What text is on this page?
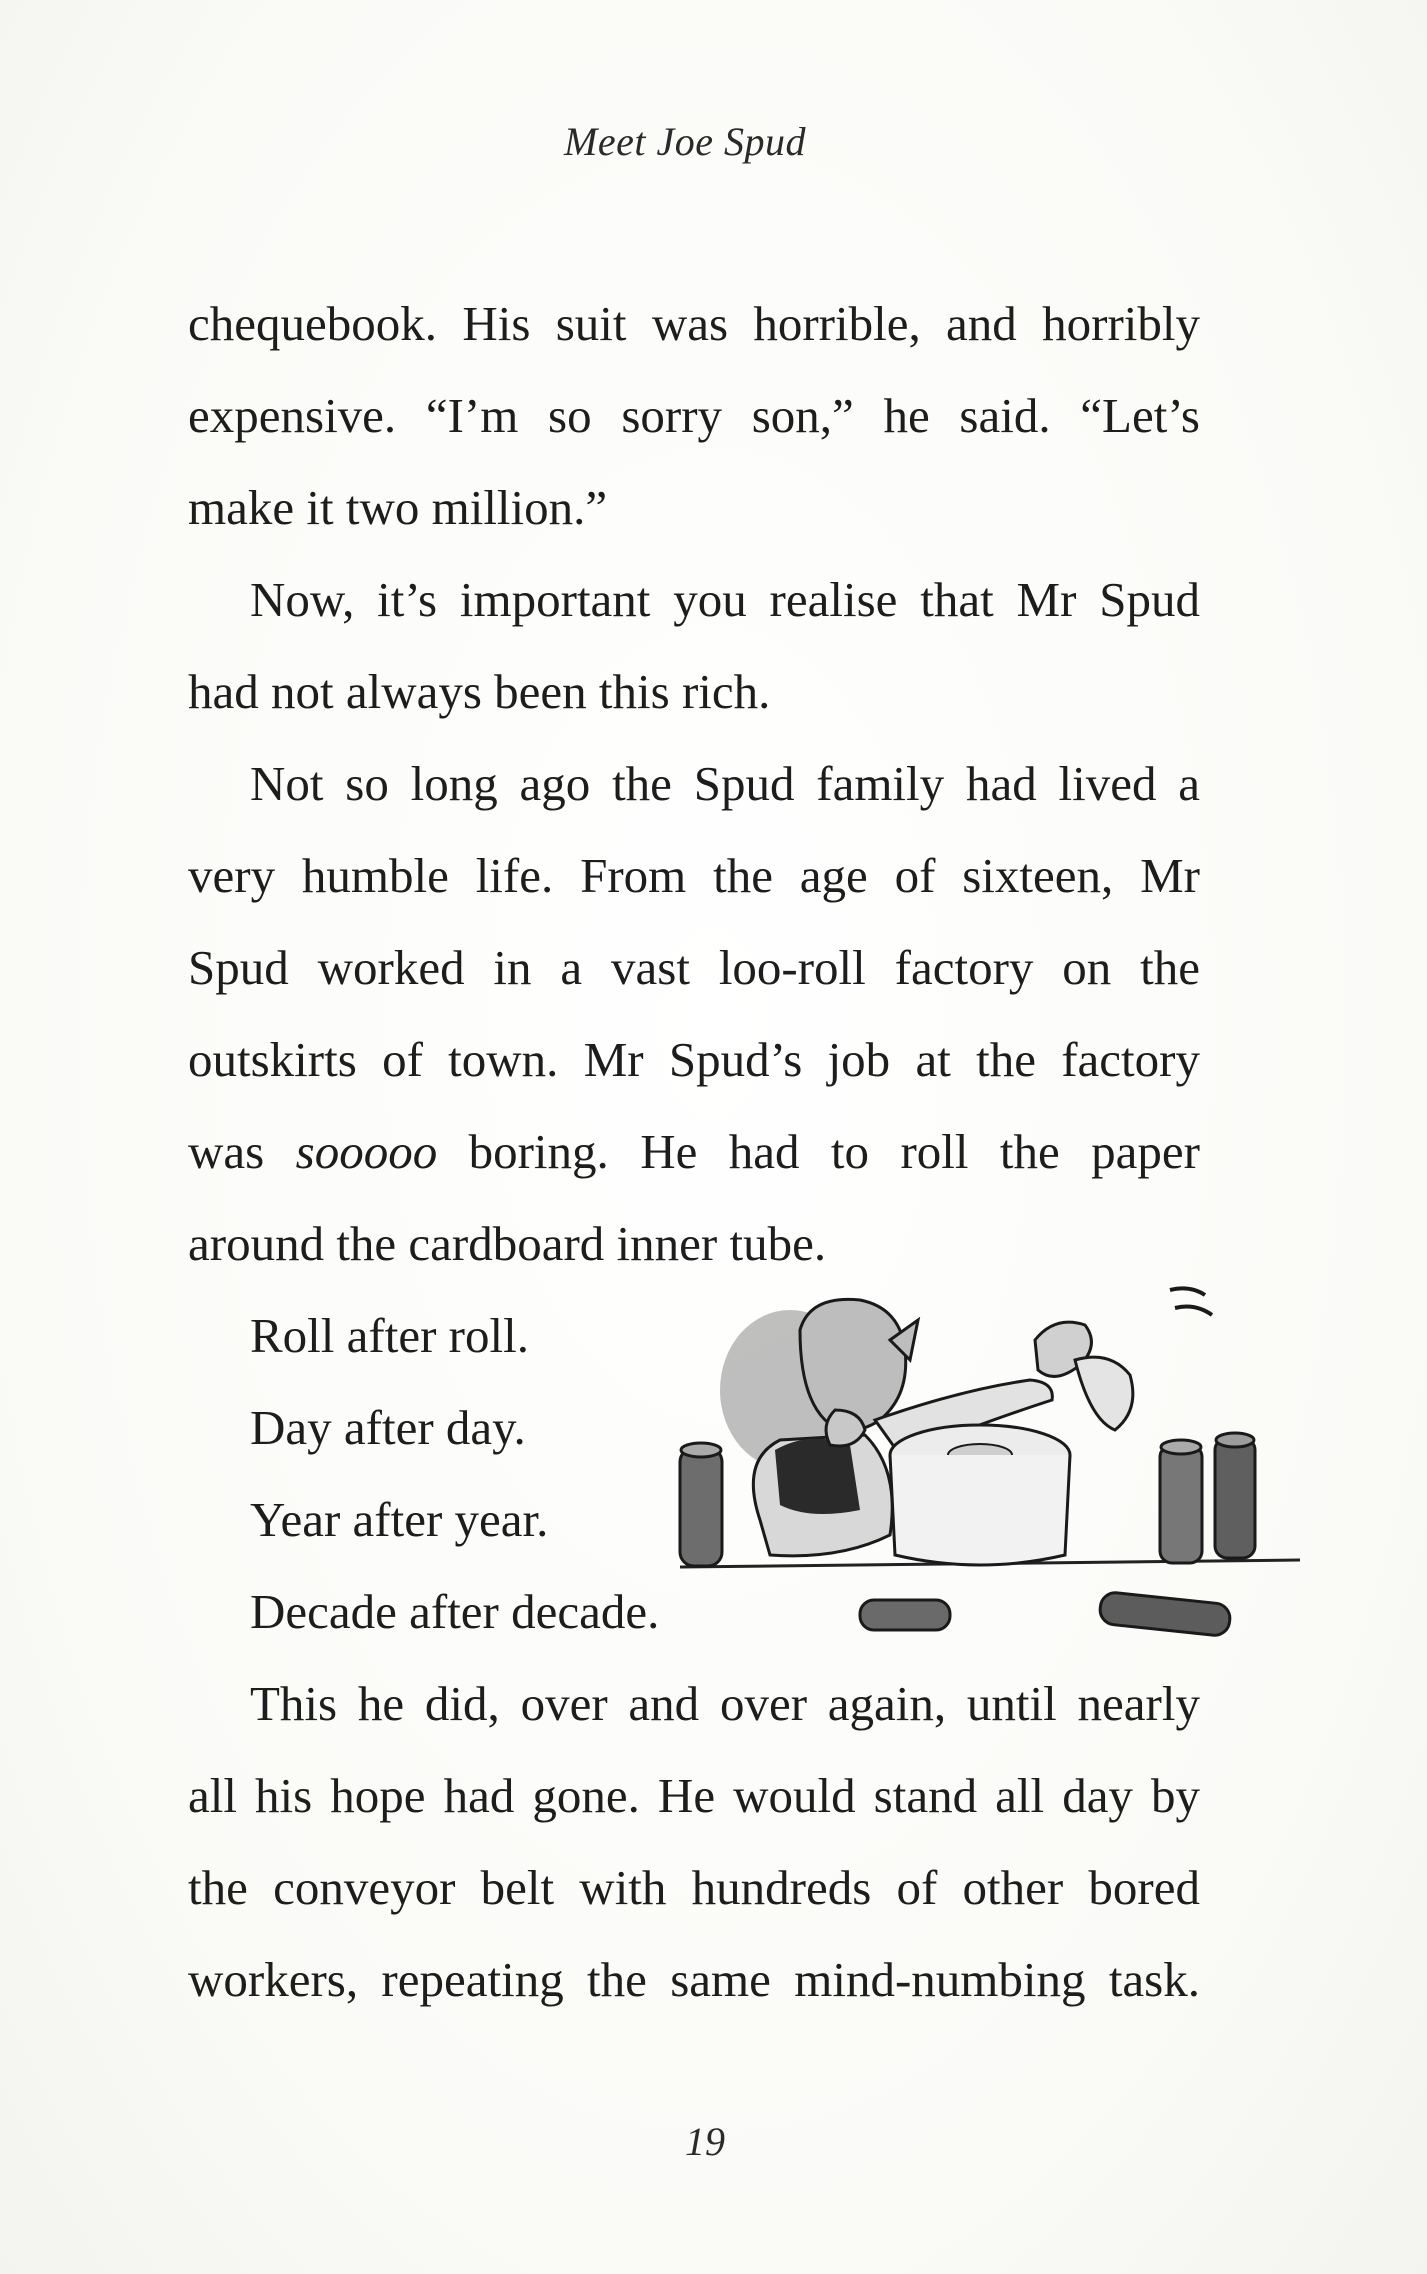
Meet Joe Spud
chequebook. His suit was horrible, and horribly
expensive. “I’m so sorry son,” he said. “Let’s
make it two million.”
Now, it’s important you realise that Mr Spud
had not always been this rich.
Not so long ago the Spud family had lived a
very humble life. From the age of sixteen, Mr
Spud worked in a vast loo-roll factory on the
outskirts of town. Mr Spud’s job at the factory
was sooooo boring. He had to roll the paper
around the cardboard inner tube.
Roll after roll.
Day after day.
Year after year.
Decade after decade.
This he did, over and over again, until nearly
all his hope had gone. He would stand all day by
the conveyor belt with hundreds of other bored
workers, repeating the same mind-numbing task.
19
